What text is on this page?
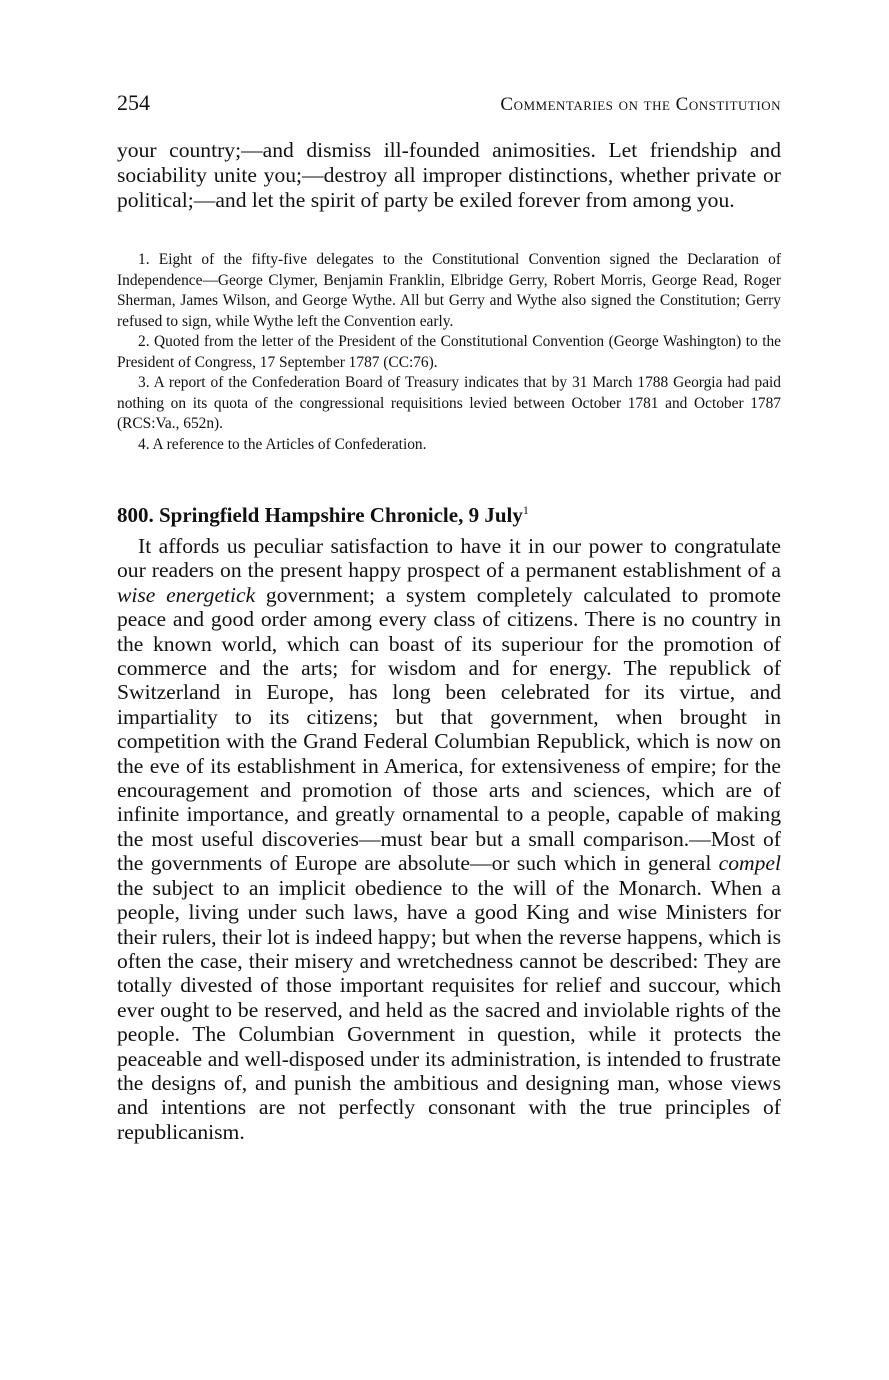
254	Commentaries on the Constitution

your country;—and dismiss ill-founded animosities. Let friendship and sociability unite you;—destroy all improper distinctions, whether private or political;—and let the spirit of party be exiled forever from among you.

1. Eight of the fifty-five delegates to the Constitutional Convention signed the Declaration of Independence—George Clymer, Benjamin Franklin, Elbridge Gerry, Robert Morris, George Read, Roger Sherman, James Wilson, and George Wythe. All but Gerry and Wythe also signed the Constitution; Gerry refused to sign, while Wythe left the Convention early.

2. Quoted from the letter of the President of the Constitutional Convention (George Washington) to the President of Congress, 17 September 1787 (CC:76).

3. A report of the Confederation Board of Treasury indicates that by 31 March 1788 Georgia had paid nothing on its quota of the congressional requisitions levied between October 1781 and October 1787 (RCS:Va., 652n).

4. A reference to the Articles of Confederation.

800. Springfield Hampshire Chronicle, 9 July$^1$

It affords us peculiar satisfaction to have it in our power to congratulate our readers on the present happy prospect of a permanent establishment of a wise energetick government; a system completely calculated to promote peace and good order among every class of citizens. There is no country in the known world, which can boast of its superiour for the promotion of commerce and the arts; for wisdom and for energy. The republick of Switzerland in Europe, has long been celebrated for its virtue, and impartiality to its citizens; but that government, when brought in competition with the Grand Federal Columbian Republick, which is now on the eve of its establishment in America, for extensiveness of empire; for the encouragement and promotion of those arts and sciences, which are of infinite importance, and greatly ornamental to a people, capable of making the most useful discoveries—must bear but a small comparison.—Most of the governments of Europe are absolute—or such which in general compel the subject to an implicit obedience to the will of the Monarch. When a people, living under such laws, have a good King and wise Ministers for their rulers, their lot is indeed happy; but when the reverse happens, which is often the case, their misery and wretchedness cannot be described: They are totally divested of those important requisites for relief and succour, which ever ought to be reserved, and held as the sacred and inviolable rights of the people. The Columbian Government in question, while it protects the peaceable and well-disposed under its administration, is intended to frustrate the designs of, and punish the ambitious and designing man, whose views and intentions are not perfectly consonant with the true principles of republicanism.
